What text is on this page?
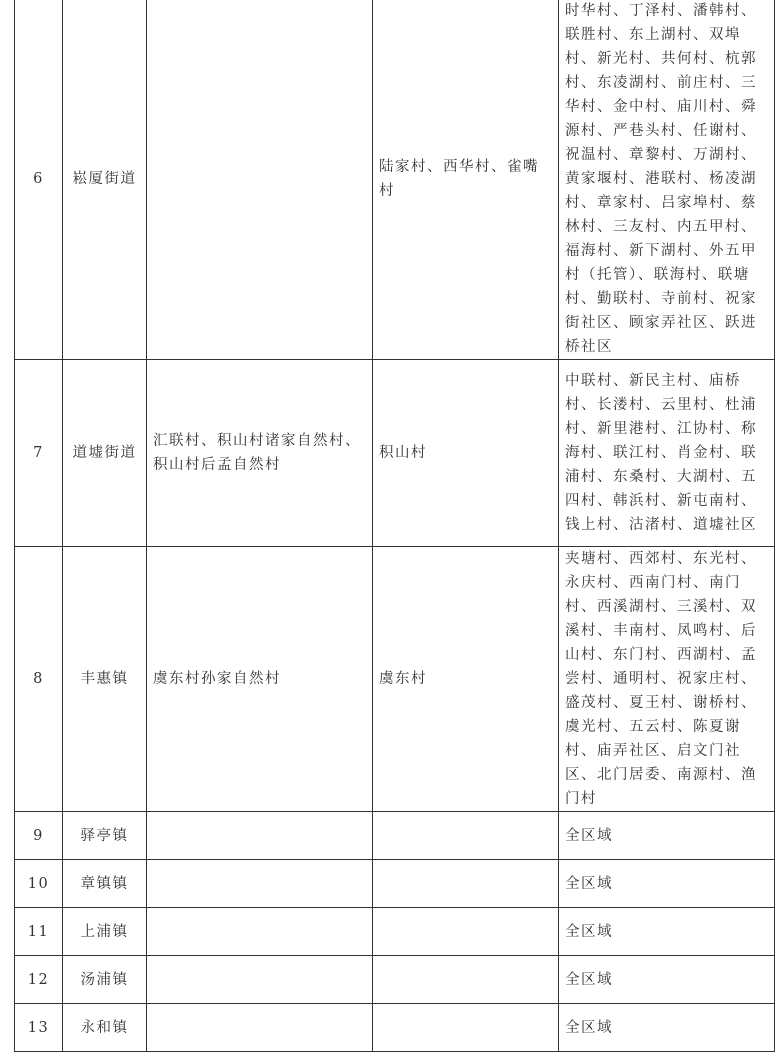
6	崧厦街道		陆家村、西华村、雀嘴村	时华村、丁泽村、潘韩村、联胜村、东上湖村、双埠村、新光村、共何村、杭郭村、东凌湖村、前庄村、三华村、金中村、庙川村、舜源村、严巷头村、任谢村、祝温村、章黎村、万湖村、黄家堰村、港联村、杨凌湖村、章家村、吕家埠村、蔡林村、三友村、内五甲村、福海村、新下湖村、外五甲村（托管）、联海村、联塘村、勤联村、寺前村、祝家街社区、顾家弄社区、跃进桥社区
7	道墟街道	汇联村、积山村诸家自然村、积山村后孟自然村	积山村	中联村、新民主村、庙桥村、长溇村、云里村、杜浦村、新里港村、江协村、称海村、联江村、肖金村、联浦村、东桑村、大湖村、五四村、韩浜村、新屯南村、钱上村、沽渚村、道墟社区
8	丰惠镇	虞东村孙家自然村	虞东村	夹塘村、西郊村、东光村、永庆村、西南门村、南门村、西溪湖村、三溪村、双溪村、丰南村、凤鸣村、后山村、东门村、西湖村、孟尝村、通明村、祝家庄村、盛茂村、夏王村、谢桥村、虞光村、五云村、陈夏谢村、庙弄社区、启文门社区、北门居委、南源村、渔门村
9	驿亭镇			全区域
10	章镇镇			全区域
11	上浦镇			全区域
12	汤浦镇			全区域
13	永和镇			全区域
